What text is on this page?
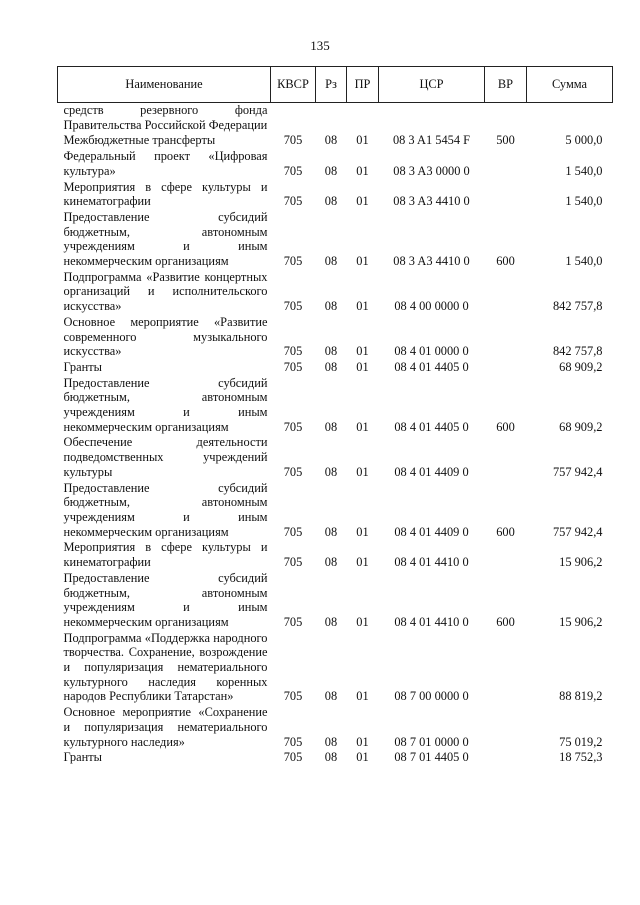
135
Наименование	КВСР	Рз	ПР	ЦСР	ВР	Сумма
средств резервного фонда Правительства Российской Федерации						
Межбюджетные трансферты	705	08	01	08 3 A1 5454 F	500	5 000,0
Федеральный проект «Цифровая культура»	705	08	01	08 3 A3 0000 0		1 540,0
Мероприятия в сфере культуры и кинематографии	705	08	01	08 3 A3 4410 0		1 540,0
Предоставление субсидий бюджетным, автономным учреждениям и иным некоммерческим организациям	705	08	01	08 3 A3 4410 0	600	1 540,0
Подпрограмма «Развитие концертных организаций и исполнительского искусства»	705	08	01	08 4 00 0000 0		842 757,8
Основное мероприятие «Развитие современного музыкального искусства»	705	08	01	08 4 01 0000 0		842 757,8
Гранты	705	08	01	08 4 01 4405 0		68 909,2
Предоставление субсидий бюджетным, автономным учреждениям и иным некоммерческим организациям	705	08	01	08 4 01 4405 0	600	68 909,2
Обеспечение деятельности подведомственных учреждений культуры	705	08	01	08 4 01 4409 0		757 942,4
Предоставление субсидий бюджетным, автономным учреждениям и иным некоммерческим организациям	705	08	01	08 4 01 4409 0	600	757 942,4
Мероприятия в сфере культуры и кинематографии	705	08	01	08 4 01 4410 0		15 906,2
Предоставление субсидий бюджетным, автономным учреждениям и иным некоммерческим организациям	705	08	01	08 4 01 4410 0	600	15 906,2
Подпрограмма «Поддержка народного творчества. Сохранение, возрождение и популяризация нематериального культурного наследия коренных народов Республики Татарстан»	705	08	01	08 7 00 0000 0		88 819,2
Основное мероприятие «Сохранение и популяризация нематериального культурного наследия»	705	08	01	08 7 01 0000 0		75 019,2
Гранты	705	08	01	08 7 01 4405 0		18 752,3
